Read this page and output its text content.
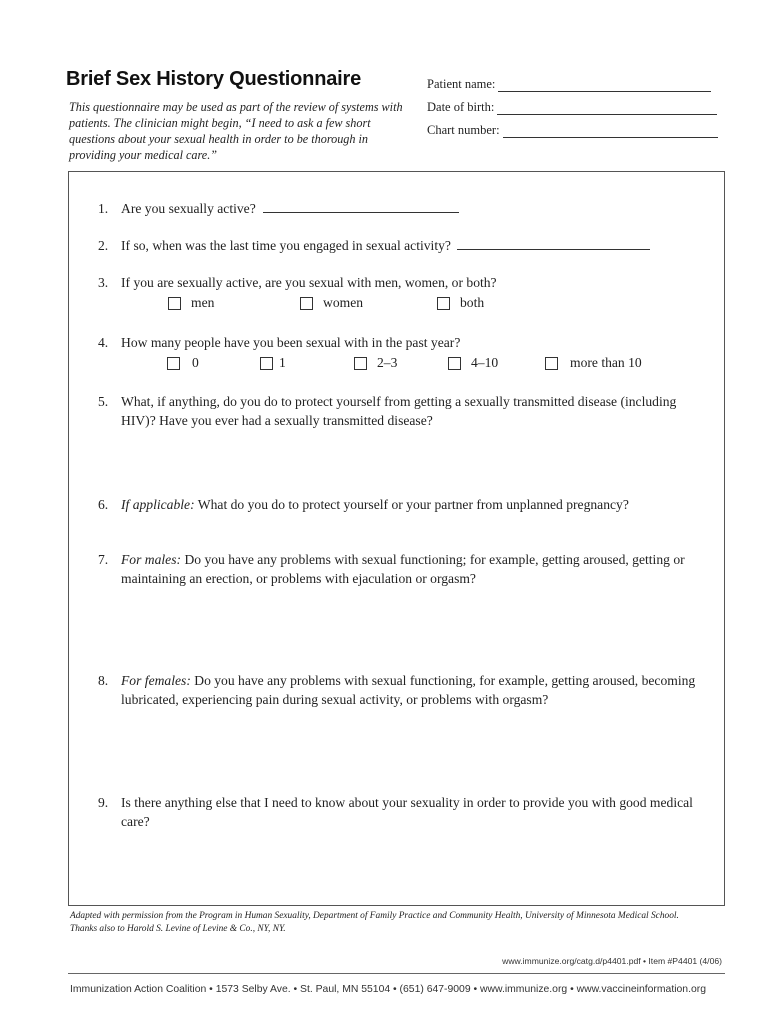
Brief Sex History Questionnaire
This questionnaire may be used as part of the review of systems with patients. The clinician might begin, “I need to ask a few short questions about your sexual health in order to be thorough in providing your medical care.”
Patient name:
Date of birth:
Chart number:
1. Are you sexually active?
2. If so, when was the last time you engaged in sexual activity?
3. If you are sexually active, are you sexual with men, women, or both?
men	women	both
4. How many people have you been sexual with in the past year?
0	1	2–3	4–10	more than 10
5. What, if anything, do you do to protect yourself from getting a sexually transmitted disease (including HIV)? Have you ever had a sexually transmitted disease?
6. If applicable: What do you do to protect yourself or your partner from unplanned pregnancy?
7. For males: Do you have any problems with sexual functioning; for example, getting aroused, getting or maintaining an erection, or problems with ejaculation or orgasm?
8. For females: Do you have any problems with sexual functioning, for example, getting aroused, becoming lubricated, experiencing pain during sexual activity, or problems with orgasm?
9. Is there anything else that I need to know about your sexuality in order to provide you with good medical care?
Adapted with permission from the Program in Human Sexuality, Department of Family Practice and Community Health, University of Minnesota Medical School. Thanks also to Harold S. Levine of Levine & Co., NY, NY.
www.immunize.org/catg.d/p4401.pdf • Item #P4401 (4/06)
Immunization Action Coalition • 1573 Selby Ave. • St. Paul, MN 55104 • (651) 647-9009 • www.immunize.org • www.vaccineinformation.org
